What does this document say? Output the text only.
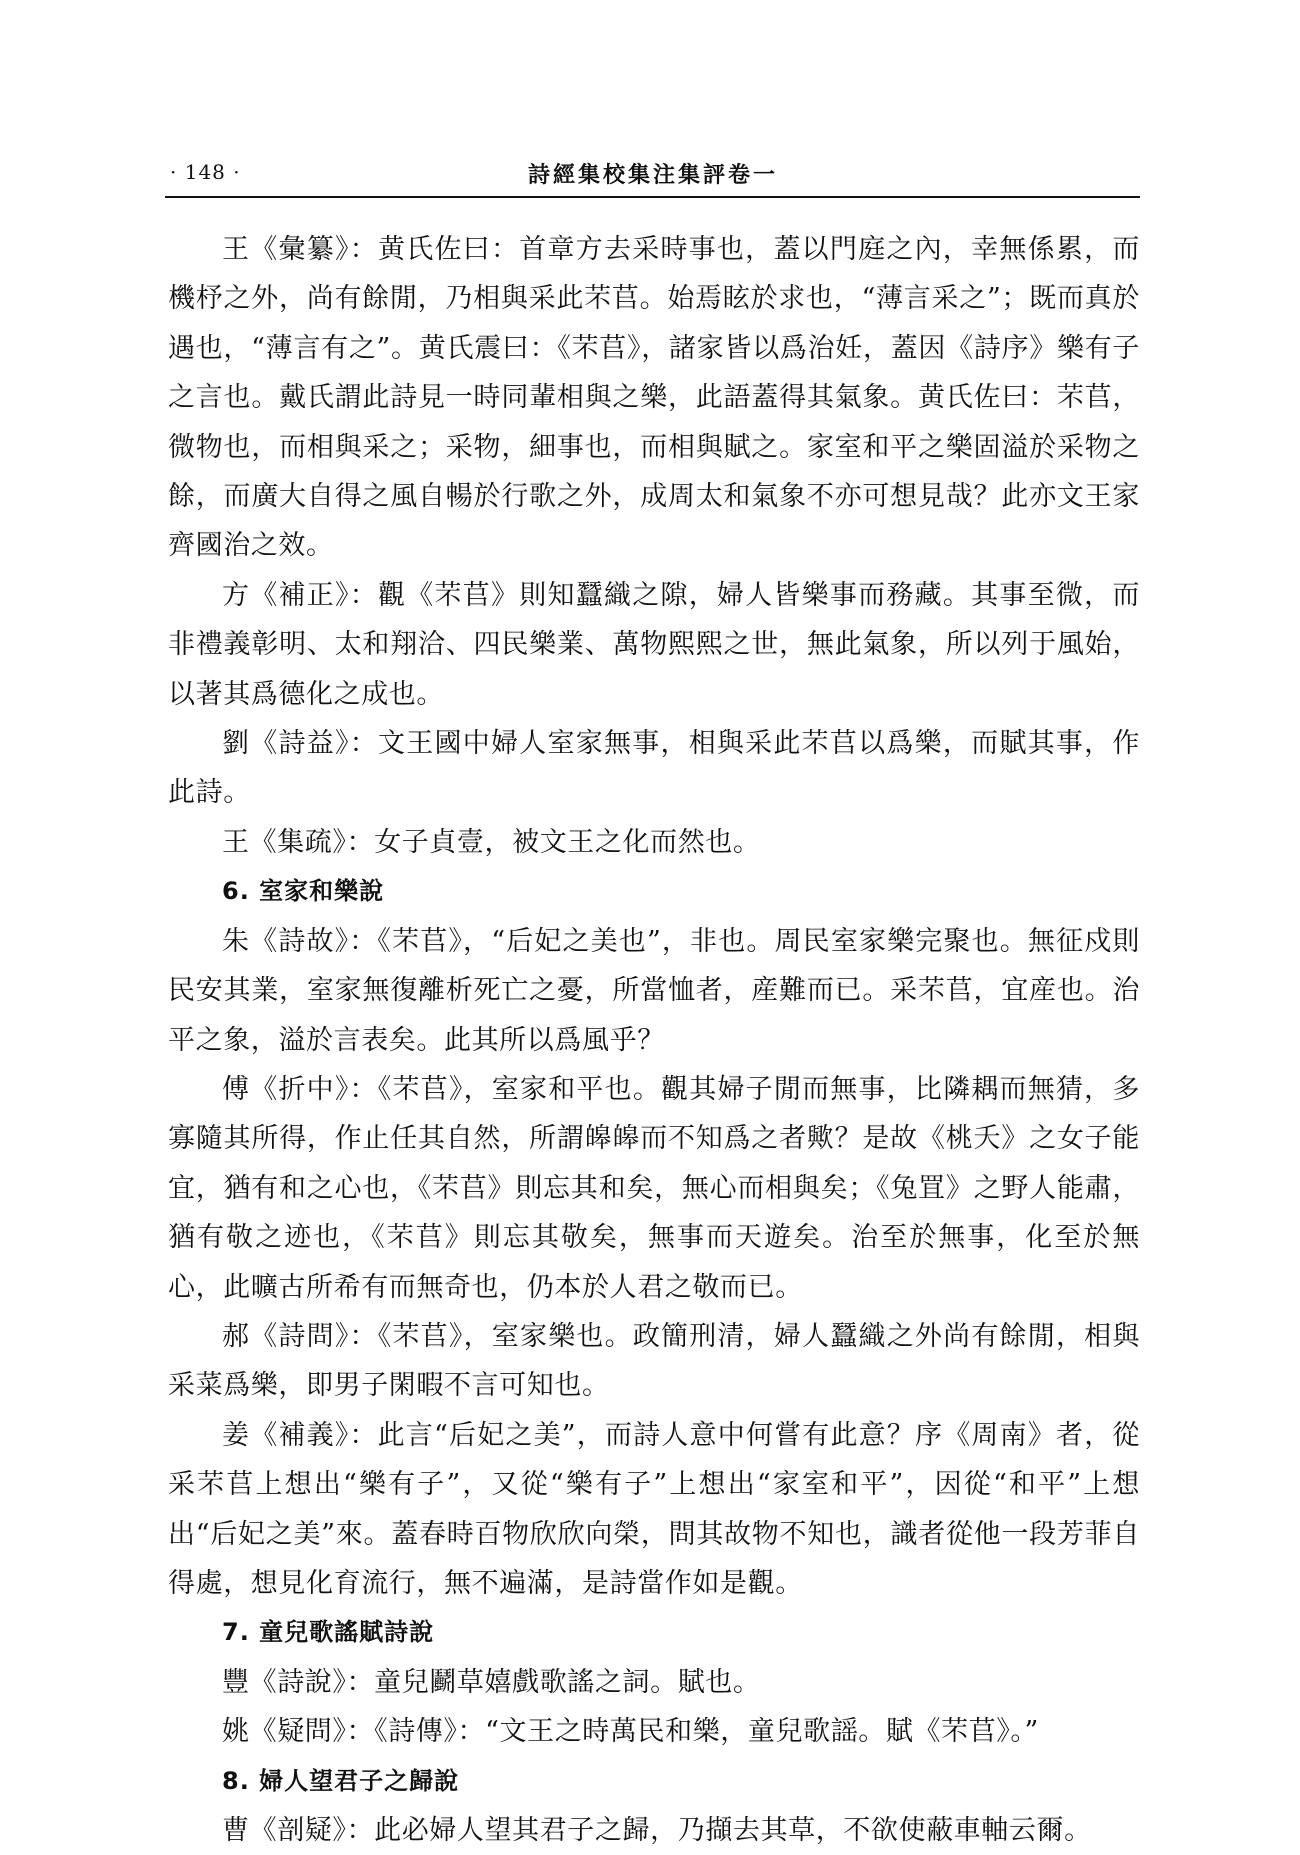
· 148 ·	詩經集校集注集評卷一

王《彙纂》：黄氏佐曰：首章方去采時事也，蓋以門庭之內，幸無係累，而機杼之外，尚有餘閒，乃相與采此芣苢。始焉眩於求也，“薄言采之”；既而真於遇也，“薄言有之”。黄氏震曰：《芣苢》，諸家皆以爲治妊，蓋因《詩序》樂有子之言也。戴氏謂此詩見一時同輩相與之樂，此語蓋得其氣象。黄氏佐曰：芣苢，微物也，而相與采之；采物，細事也，而相與賦之。家室和平之樂固溢於采物之餘，而廣大自得之風自暢於行歌之外，成周太和氣象不亦可想見哉？此亦文王家齊國治之效。

方《補正》：觀《芣苢》則知蠶織之隙，婦人皆樂事而務藏。其事至微，而非禮義彰明、太和翔洽、四民樂業、萬物熙熙之世，無此氣象，所以列于風始，以著其爲德化之成也。

劉《詩益》：文王國中婦人室家無事，相與采此芣苢以爲樂，而賦其事，作此詩。

王《集疏》：女子貞壹，被文王之化而然也。

6. 室家和樂說

朱《詩故》：《芣苢》，“后妃之美也”，非也。周民室家樂完聚也。無征戍則民安其業，室家無復離析死亡之憂，所當恤者，産難而已。采芣苢，宜産也。治平之象，溢於言表矣。此其所以爲風乎？

傅《折中》：《芣苢》，室家和平也。觀其婦子閒而無事，比隣耦而無猜，多寡隨其所得，作止任其自然，所謂皞皞而不知爲之者歟？是故《桃夭》之女子能宜，猶有和之心也，《芣苢》則忘其和矣，無心而相與矣；《兔罝》之野人能肅，猶有敬之迹也，《芣苢》則忘其敬矣，無事而天遊矣。治至於無事，化至於無心，此曠古所希有而無奇也，仍本於人君之敬而已。

郝《詩問》：《芣苢》，室家樂也。政簡刑清，婦人蠶織之外尚有餘閒，相與采菜爲樂，即男子閑暇不言可知也。

姜《補義》：此言“后妃之美”，而詩人意中何嘗有此意？序《周南》者，從采芣苢上想出“樂有子”，又從“樂有子”上想出“家室和平”，因從“和平”上想出“后妃之美”來。蓋春時百物欣欣向榮，問其故物不知也，識者從他一段芳菲自得處，想見化育流行，無不遍滿，是詩當作如是觀。

7. 童兒歌謠賦詩說

豐《詩說》：童兒鬬草嬉戲歌謠之詞。賦也。

姚《疑問》：《詩傳》：“文王之時萬民和樂，童兒歌謡。賦《芣苢》。”

8. 婦人望君子之歸說

曹《剖疑》：此必婦人望其君子之歸，乃擷去其草，不欲使蔽車軸云爾。
